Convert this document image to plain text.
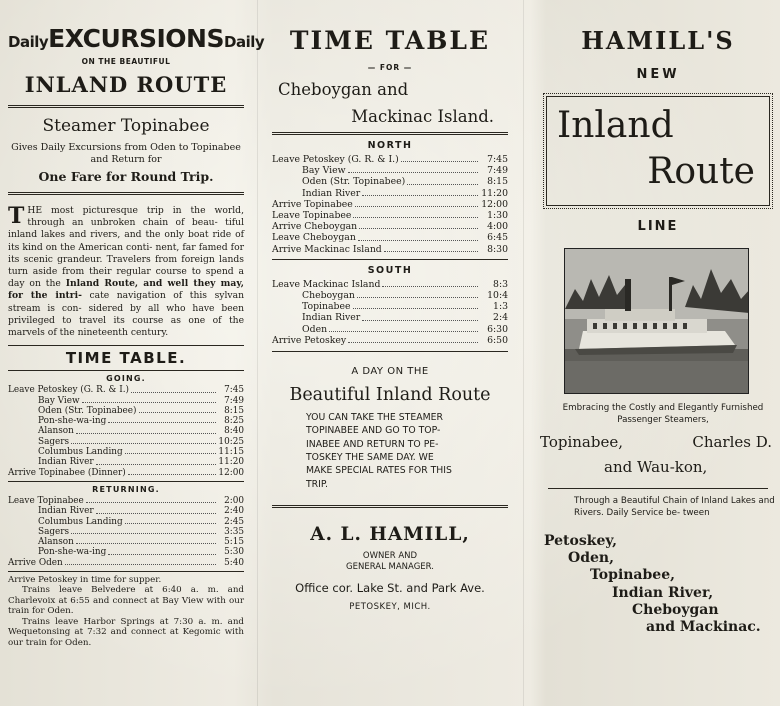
DailyEXCURSIONSDaily
ON THE BEAUTIFUL
INLAND ROUTE
Steamer Topinabee
Gives Daily Excursions from Oden to Topinabee and Return for
One Fare for Round Trip.
T HE most picturesque trip in the world, through an unbroken chain of beau- tiful inland lakes and rivers, and the only boat ride of its kind on the American conti- nent, far famed for its scenic grandeur. Travelers from foreign lands turn aside from their regular course to spend a day on the Inland Route, and well they may, for the intri- cate navigation of this sylvan stream is con- sidered by all who have been privileged to travel its course as one of the marvels of the nineteenth century.
TIME TABLE.
GOING.
Leave Petoskey (G. R. & I.)	7:45
Bay View	7:49
Oden (Str. Topinabee)	8:15
Pon-she-wa-ing	8:25
Alanson	8:40
Sagers	10:25
Columbus Landing	11:15
Indian River	11:20
Arrive Topinabee (Dinner)	12:00
RETURNING.
Leave Topinabee	2:00
Indian River	2:40
Columbus Landing	2:45
Sagers	3:35
Alanson	5:15
Pon-she-wa-ing	5:30
Arrive Oden	5:40
Arrive Petoskey in time for supper.
Trains leave Belvedere at 6:40 a. m. and Charlevoix at 6:55 and connect at Bay View with our train for Oden.
Trains leave Harbor Springs at 7:30 a. m. and Wequetonsing at 7:32 and connect at Kegomic with our train for Oden.
TIME TABLE
— FOR —
Cheboygan and
Mackinac Island.
NORTH
Leave Petoskey (G. R. & I.)	7:45
Bay View	7:49
Oden (Str. Topinabee)	8:15
Indian River	11:20
Arrive Topinabee	12:00
Leave Topinabee	1:30
Arrive Cheboygan	4:00
Leave Cheboygan	6:45
Arrive Mackinac Island	8:30
SOUTH
Leave Mackinac Island	8:3
Cheboygan	10:4
Topinabee	1:3
Indian River	2:4
Oden	6:30
Arrive Petoskey	6:50
A DAY ON THE
Beautiful Inland Route
YOU CAN TAKE THE STEAMER
TOPINABEE AND GO TO TOP-
INABEE AND RETURN TO PE-
TOSKEY THE SAME DAY. WE
MAKE SPECIAL RATES FOR THIS
TRIP.
A. L. HAMILL,
OWNER AND
GENERAL MANAGER.
Office cor. Lake St. and Park Ave.
PETOSKEY, MICH.
HAMILL'S
NEW
Inland
Route
LINE
Embracing the Costly and Elegantly Furnished Passenger Steamers,
Topinabee,	Charles D.
and Wau-kon,
Through a Beautiful Chain of Inland Lakes and Rivers. Daily Service be- tween
Petoskey,
Oden,
Topinabee,
Indian River,
Cheboygan
and Mackinac.
